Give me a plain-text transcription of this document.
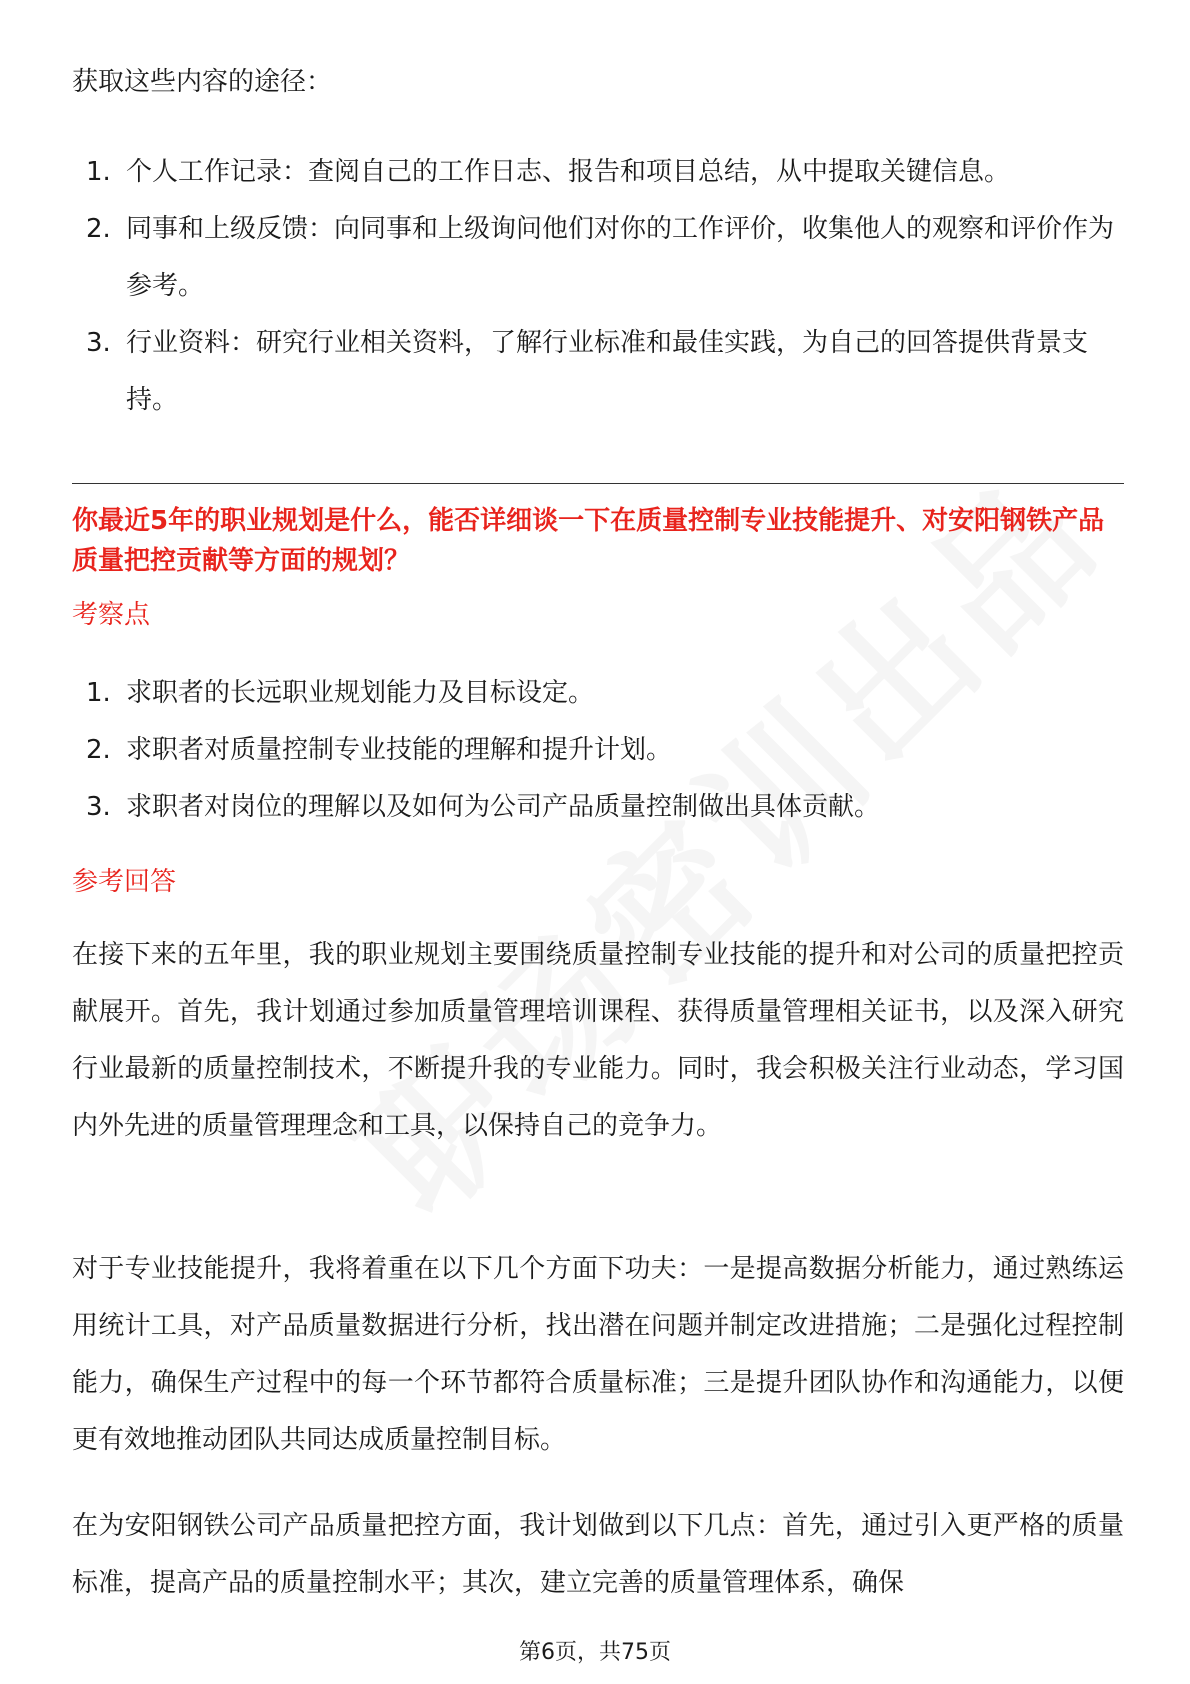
获取这些内容的途径：

1. 个人工作记录：查阅自己的工作日志、报告和项目总结，从中提取关键信息。
2. 同事和上级反馈：向同事和上级询问他们对你的工作评价，收集他人的观察和评价作为参考。
3. 行业资料：研究行业相关资料，了解行业标准和最佳实践，为自己的回答提供背景支持。
你最近5年的职业规划是什么，能否详细谈一下在质量控制专业技能提升、对安阳钢铁产品质量把控贡献等方面的规划？
考察点
1. 求职者的长远职业规划能力及目标设定。
2. 求职者对质量控制专业技能的理解和提升计划。
3. 求职者对岗位的理解以及如何为公司产品质量控制做出具体贡献。
参考回答

在接下来的五年里，我的职业规划主要围绕质量控制专业技能的提升和对公司的质量把控贡献展开。首先，我计划通过参加质量管理培训课程、获得质量管理相关证书，以及深入研究行业最新的质量控制技术，不断提升我的专业能力。同时，我会积极关注行业动态，学习国内外先进的质量管理理念和工具，以保持自己的竞争力。

对于专业技能提升，我将着重在以下几个方面下功夫：一是提高数据分析能力，通过熟练运用统计工具，对产品质量数据进行分析，找出潜在问题并制定改进措施；二是强化过程控制能力，确保生产过程中的每一个环节都符合质量标准；三是提升团队协作和沟通能力，以便更有效地推动团队共同达成质量控制目标。

在为安阳钢铁公司产品质量把控方面，我计划做到以下几点：首先，通过引入更严格的质量标准，提高产品的质量控制水平；其次，建立完善的质量管理体系，确保

第6页，共75页
